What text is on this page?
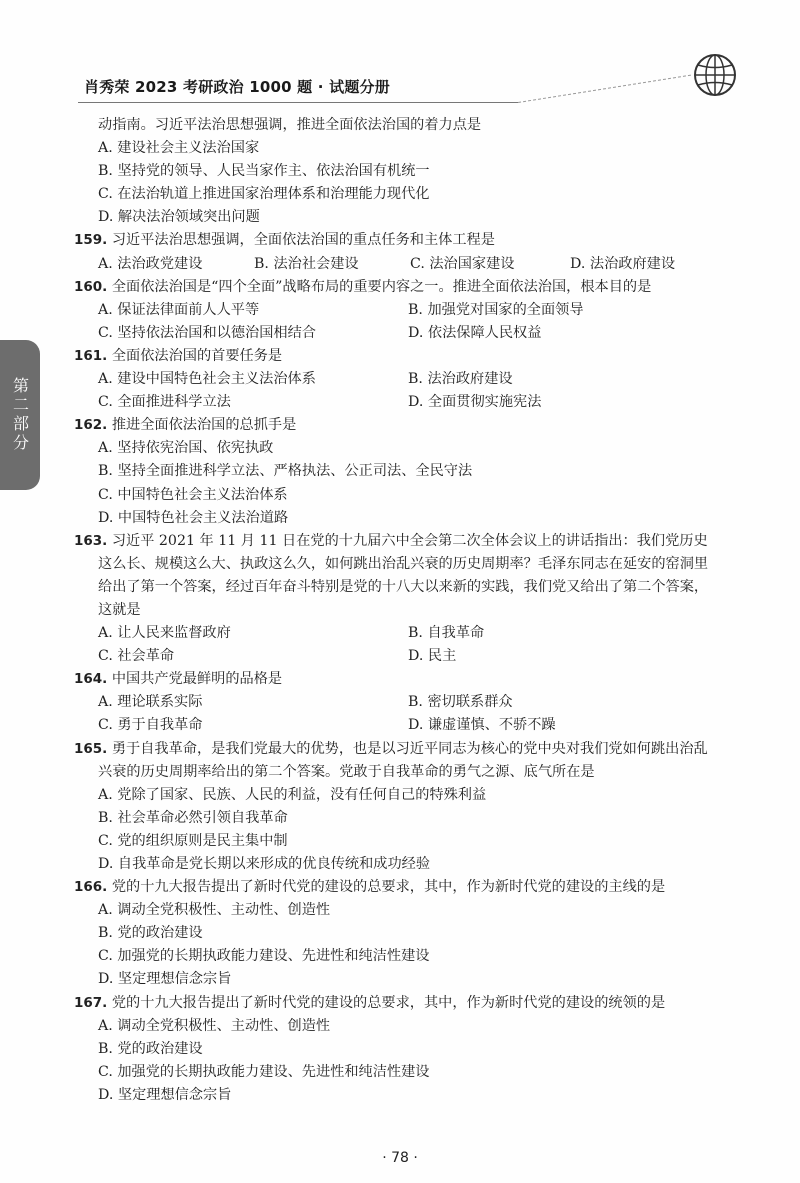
肖秀荣 2023 考研政治 1000 题 · 试题分册
第二部分

动指南。习近平法治思想强调，推进全面依法治国的着力点是

A. 建设社会主义法治国家

B. 坚持党的领导、人民当家作主、依法治国有机统一

C. 在法治轨道上推进国家治理体系和治理能力现代化

D. 解决法治领域突出问题

159. 习近平法治思想强调，全面依法治国的重点任务和主体工程是

A. 法治政党建设	B. 法治社会建设	C. 法治国家建设	D. 法治政府建设

160. 全面依法治国是“四个全面”战略布局的重要内容之一。推进全面依法治国，根本目的是

A. 保证法律面前人人平等	B. 加强党对国家的全面领导
C. 坚持依法治国和以德治国相结合	D. 依法保障人民权益

161. 全面依法治国的首要任务是

A. 建设中国特色社会主义法治体系	B. 法治政府建设
C. 全面推进科学立法	D. 全面贯彻实施宪法

162. 推进全面依法治国的总抓手是

A. 坚持依宪治国、依宪执政

B. 坚持全面推进科学立法、严格执法、公正司法、全民守法

C. 中国特色社会主义法治体系

D. 中国特色社会主义法治道路

163. 习近平 2021 年 11 月 11 日在党的十九届六中全会第二次全体会议上的讲话指出：我们党历史这么长、规模这么大、执政这么久，如何跳出治乱兴衰的历史周期率？毛泽东同志在延安的窑洞里给出了第一个答案，经过百年奋斗特别是党的十八大以来新的实践，我们党又给出了第二个答案，这就是

A. 让人民来监督政府	B. 自我革命
C. 社会革命	D. 民主

164. 中国共产党最鲜明的品格是

A. 理论联系实际	B. 密切联系群众
C. 勇于自我革命	D. 谦虚谨慎、不骄不躁

165. 勇于自我革命，是我们党最大的优势，也是以习近平同志为核心的党中央对我们党如何跳出治乱兴衰的历史周期率给出的第二个答案。党敢于自我革命的勇气之源、底气所在是

A. 党除了国家、民族、人民的利益，没有任何自己的特殊利益

B. 社会革命必然引领自我革命

C. 党的组织原则是民主集中制

D. 自我革命是党长期以来形成的优良传统和成功经验

166. 党的十九大报告提出了新时代党的建设的总要求，其中，作为新时代党的建设的主线的是

A. 调动全党积极性、主动性、创造性

B. 党的政治建设

C. 加强党的长期执政能力建设、先进性和纯洁性建设

D. 坚定理想信念宗旨

167. 党的十九大报告提出了新时代党的建设的总要求，其中，作为新时代党的建设的统领的是

A. 调动全党积极性、主动性、创造性

B. 党的政治建设

C. 加强党的长期执政能力建设、先进性和纯洁性建设

D. 坚定理想信念宗旨

· 78 ·
